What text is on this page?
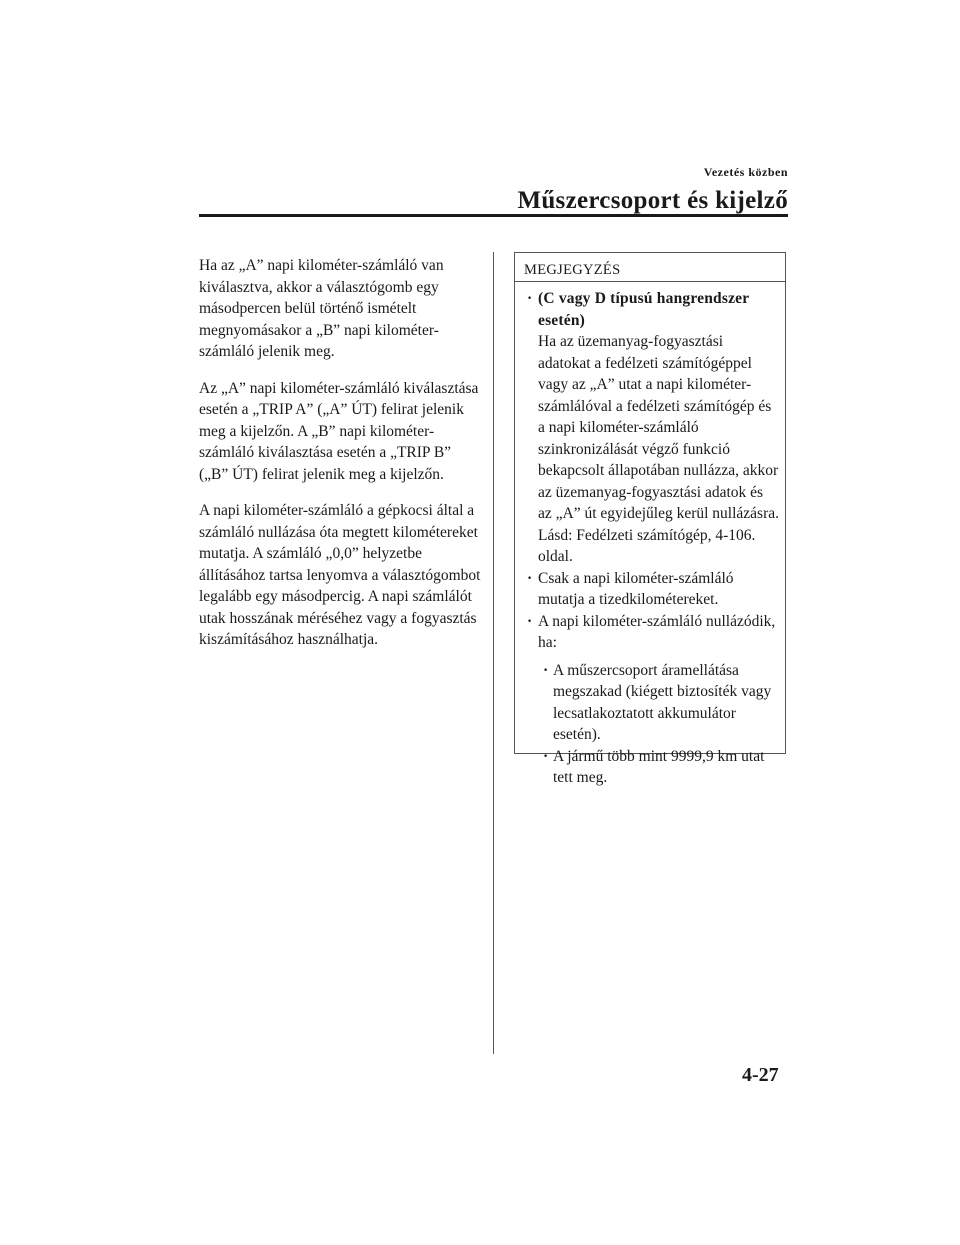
Vezetés közben
Műszercsoport és kijelző

Ha az „A” napi kilométer-számláló van kiválasztva, akkor a választógomb egy másodpercen belül történő ismételt megnyomásakor a „B” napi kilométer-számláló jelenik meg.

Az „A” napi kilométer-számláló kiválasztása esetén a „TRIP A” („A” ÚT) felirat jelenik meg a kijelzőn. A „B” napi kilométer-számláló kiválasztása esetén a „TRIP B” („B” ÚT) felirat jelenik meg a kijelzőn.

A napi kilométer-számláló a gépkocsi által a számláló nullázása óta megtett kilométereket mutatja. A számláló „0,0” helyzetbe állításához tartsa lenyomva a választógombot legalább egy másodpercig. A napi számlálót utak hosszának méréséhez vagy a fogyasztás kiszámításához használhatja.

MEGJEGYZÉS
· (C vagy D típusú hangrendszer esetén)
Ha az üzemanyag-fogyasztási adatokat a fedélzeti számítógéppel vagy az „A” utat a napi kilométer-számlálóval a fedélzeti számítógép és a napi kilométer-számláló szinkronizálását végző funkció bekapcsolt állapotában nullázza, akkor az üzemanyag-fogyasztási adatok és az „A” út egyidejűleg kerül nullázásra. Lásd: Fedélzeti számítógép, 4-106. oldal.
· Csak a napi kilométer-számláló mutatja a tizedkilométereket.
· A napi kilométer-számláló nullázódik, ha:
· A műszercsoport áramellátása megszakad (kiégett biztosíték vagy lecsatlakoztatott akkumulátor esetén).
· A jármű több mint 9999,9 km utat tett meg.
4-27
